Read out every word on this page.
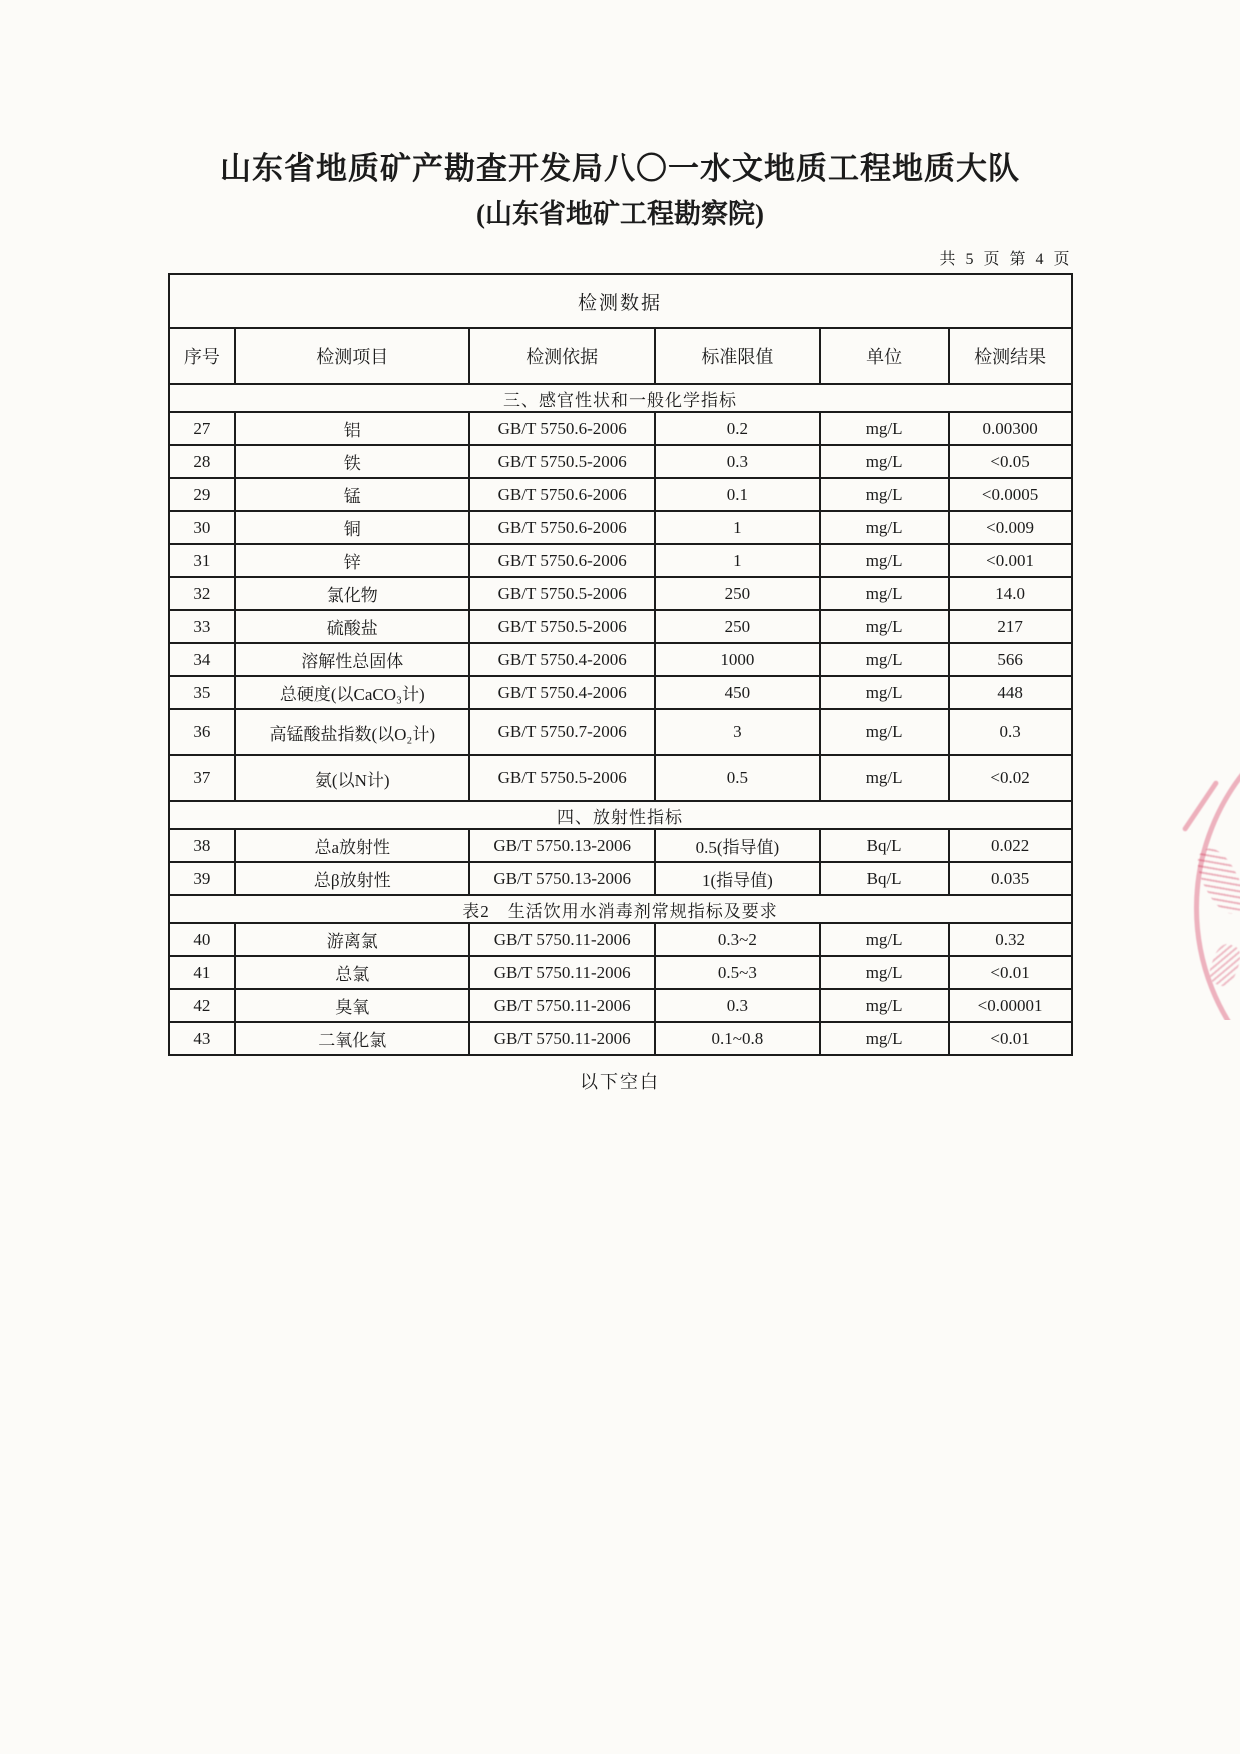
山东省地质矿产勘查开发局八〇一水文地质工程地质大队
(山东省地矿工程勘察院)
共 5 页 第 4 页
检测数据					
序号	检测项目	检测依据	标准限值	单位	检测结果
三、感官性状和一般化学指标					
27	铝	GB/T 5750.6-2006	0.2	mg/L	0.00300
28	铁	GB/T 5750.5-2006	0.3	mg/L	<0.05
29	锰	GB/T 5750.6-2006	0.1	mg/L	<0.0005
30	铜	GB/T 5750.6-2006	1	mg/L	<0.009
31	锌	GB/T 5750.6-2006	1	mg/L	<0.001
32	氯化物	GB/T 5750.5-2006	250	mg/L	14.0
33	硫酸盐	GB/T 5750.5-2006	250	mg/L	217
34	溶解性总固体	GB/T 5750.4-2006	1000	mg/L	566
35	总硬度(以CaCO₃计)	GB/T 5750.4-2006	450	mg/L	448
36	高锰酸盐指数(以O₂计)	GB/T 5750.7-2006	3	mg/L	0.3
37	氨(以N计)	GB/T 5750.5-2006	0.5	mg/L	<0.02
四、放射性指标					
38	总a放射性	GB/T 5750.13-2006	0.5(指导值)	Bq/L	0.022
39	总β放射性	GB/T 5750.13-2006	1(指导值)	Bq/L	0.035
表2　生活饮用水消毒剂常规指标及要求					
40	游离氯	GB/T 5750.11-2006	0.3~2	mg/L	0.32
41	总氯	GB/T 5750.11-2006	0.5~3	mg/L	<0.01
42	臭氧	GB/T 5750.11-2006	0.3	mg/L	<0.00001
43	二氧化氯	GB/T 5750.11-2006	0.1~0.8	mg/L	<0.01
以下空白
